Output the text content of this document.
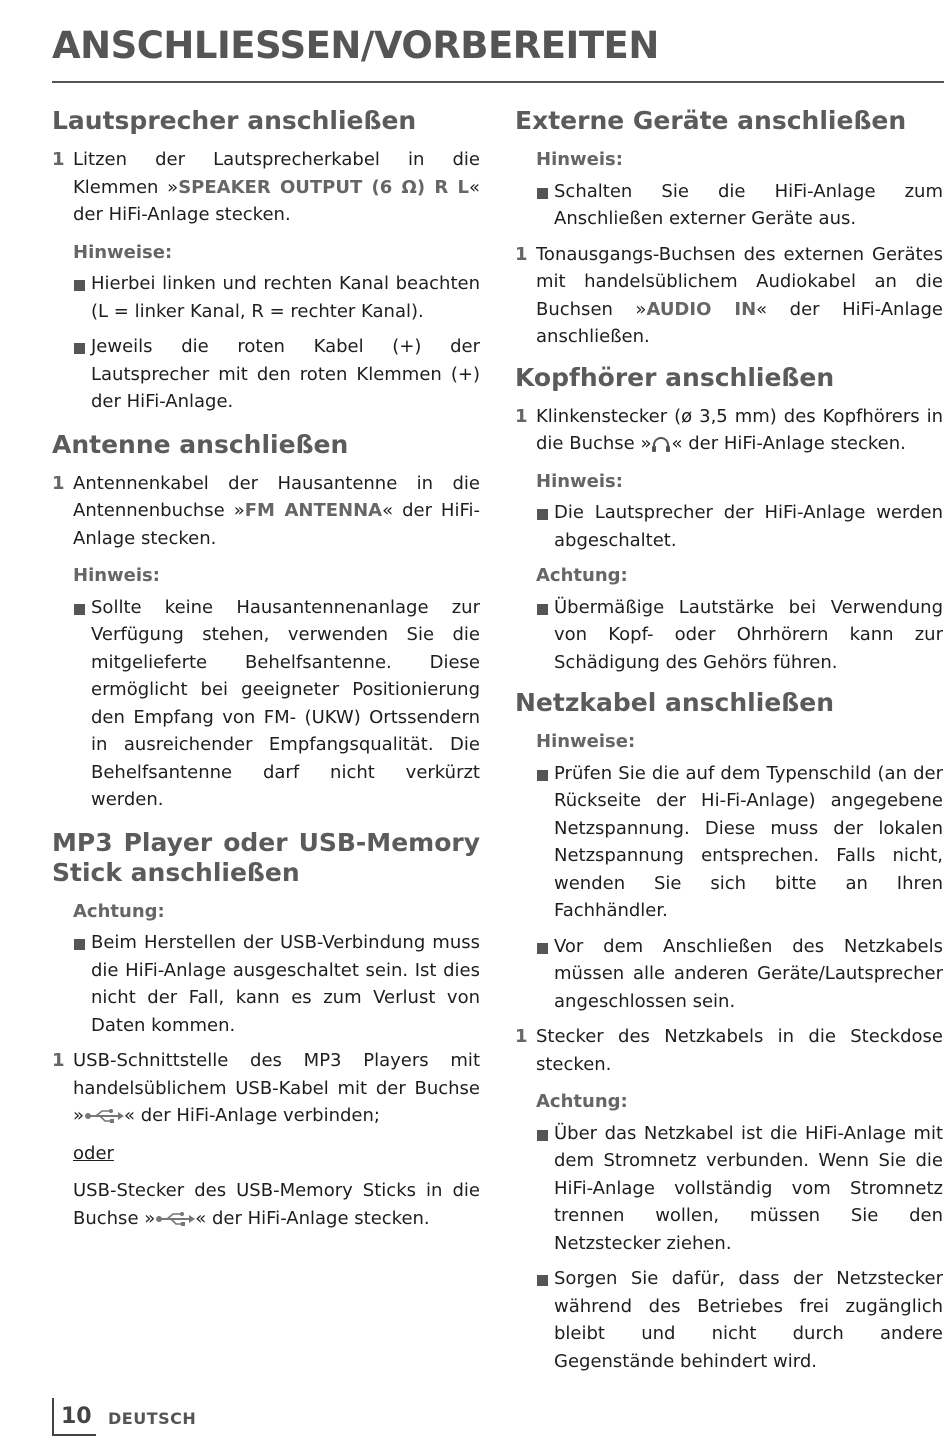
ANSCHLIESSEN/VORBEREITEN
Lautsprecher anschließen
1 Litzen der Lautsprecherkabel in die Klemmen »SPEAKER OUTPUT (6 Ω) R L« der HiFi-Anlage stecken.
Hinweise:
Hierbei linken und rechten Kanal beachten (L = linker Kanal, R = rechter Kanal).
Jeweils die roten Kabel (+) der Lautsprecher mit den roten Klemmen (+) der HiFi-Anlage.
Antenne anschließen
1 Antennenkabel der Hausantenne in die Antennenbuchse »FM ANTENNA« der HiFi-Anlage stecken.
Hinweis:
Sollte keine Hausantennenanlage zur Verfügung stehen, verwenden Sie die mitgelieferte Behelfsantenne. Diese ermöglicht bei geeigneter Positionierung den Empfang von FM- (UKW) Ortssendern in ausreichender Empfangsqualität. Die Behelfsantenne darf nicht verkürzt werden.
MP3 Player oder USB-Memory Stick anschließen
Achtung:
Beim Herstellen der USB-Verbindung muss die HiFi-Anlage ausgeschaltet sein. Ist dies nicht der Fall, kann es zum Verlust von Daten kommen.
1 USB-Schnittstelle des MP3 Players mit handelsüblichem USB-Kabel mit der Buchse » « der HiFi-Anlage verbinden;
oder
USB-Stecker des USB-Memory Sticks in die Buchse » « der HiFi-Anlage stecken.
Externe Geräte anschließen
Hinweis:
Schalten Sie die HiFi-Anlage zum Anschließen externer Geräte aus.
1 Tonausgangs-Buchsen des externen Gerätes mit handelsüblichem Audiokabel an die Buchsen »AUDIO IN« der HiFi-Anlage anschließen.
Kopfhörer anschließen
1 Klinkenstecker (ø 3,5 mm) des Kopfhörers in die Buchse » « der HiFi-Anlage stecken.
Hinweis:
Die Lautsprecher der HiFi-Anlage werden abgeschaltet.
Achtung:
Übermäßige Lautstärke bei Verwendung von Kopf- oder Ohrhörern kann zur Schädigung des Gehörs führen.
Netzkabel anschließen
Hinweise:
Prüfen Sie die auf dem Typenschild (an der Rückseite der Hi-Fi-Anlage) angegebene Netzspannung. Diese muss der lokalen Netzspannung entsprechen. Falls nicht, wenden Sie sich bitte an Ihren Fachhändler.
Vor dem Anschließen des Netzkabels müssen alle anderen Geräte/Lautsprecher angeschlossen sein.
1 Stecker des Netzkabels in die Steckdose stecken.
Achtung:
Über das Netzkabel ist die HiFi-Anlage mit dem Stromnetz verbunden. Wenn Sie die HiFi-Anlage vollständig vom Stromnetz trennen wollen, müssen Sie den Netzstecker ziehen.
Sorgen Sie dafür, dass der Netzstecker während des Betriebes frei zugänglich bleibt und nicht durch andere Gegenstände behindert wird.
10 DEUTSCH
